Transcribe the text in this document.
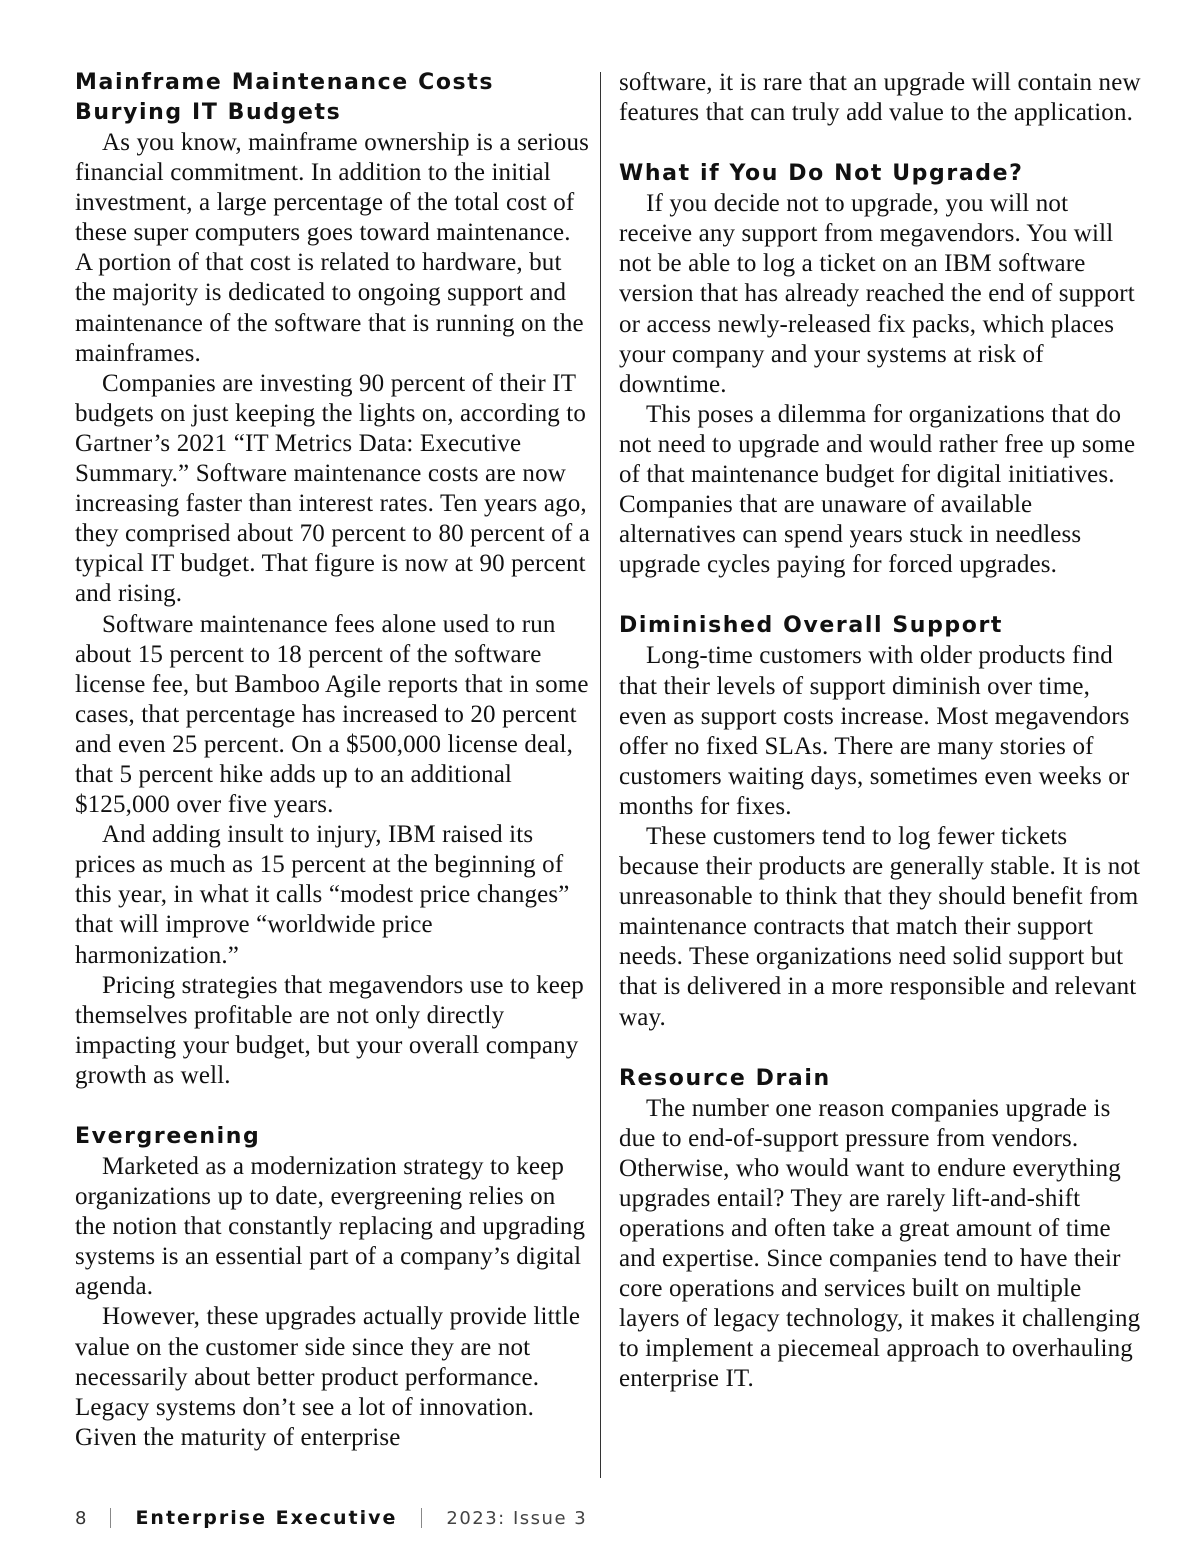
Mainframe Maintenance Costs Burying IT Budgets

As you know, mainframe ownership is a serious financial commitment. In addition to the initial investment, a large percentage of the total cost of these super computers goes toward maintenance. A portion of that cost is related to hardware, but the majority is dedicated to ongoing support and maintenance of the software that is running on the mainframes.

Companies are investing 90 percent of their IT budgets on just keeping the lights on, according to Gartner’s 2021 “IT Metrics Data: Executive Summary.” Software maintenance costs are now increasing faster than interest rates. Ten years ago, they comprised about 70 percent to 80 percent of a typical IT budget. That figure is now at 90 percent and rising.

Software maintenance fees alone used to run about 15 percent to 18 percent of the software license fee, but Bamboo Agile reports that in some cases, that percentage has increased to 20 percent and even 25 percent. On a $500,000 license deal, that 5 percent hike adds up to an additional $125,000 over five years.

And adding insult to injury, IBM raised its prices as much as 15 percent at the beginning of this year, in what it calls “modest price changes” that will improve “worldwide price harmonization.”

Pricing strategies that megavendors use to keep themselves profitable are not only directly impacting your budget, but your overall company growth as well.

Evergreening

Marketed as a modernization strategy to keep organizations up to date, evergreening relies on the notion that constantly replacing and upgrading systems is an essential part of a company’s digital agenda.

However, these upgrades actually provide little value on the customer side since they are not necessarily about better product performance. Legacy systems don’t see a lot of innovation. Given the maturity of enterprise

software, it is rare that an upgrade will contain new features that can truly add value to the application.

What if You Do Not Upgrade?

If you decide not to upgrade, you will not receive any support from megavendors. You will not be able to log a ticket on an IBM software version that has already reached the end of support or access newly-released fix packs, which places your company and your systems at risk of downtime.

This poses a dilemma for organizations that do not need to upgrade and would rather free up some of that maintenance budget for digital initiatives. Companies that are unaware of available alternatives can spend years stuck in needless upgrade cycles paying for forced upgrades.

Diminished Overall Support

Long-time customers with older products find that their levels of support diminish over time, even as support costs increase. Most megavendors offer no fixed SLAs. There are many stories of customers waiting days, sometimes even weeks or months for fixes.

These customers tend to log fewer tickets because their products are generally stable. It is not unreasonable to think that they should benefit from maintenance contracts that match their support needs. These organizations need solid support but that is delivered in a more responsible and relevant way.

Resource Drain

The number one reason companies upgrade is due to end-of-support pressure from vendors. Otherwise, who would want to endure everything upgrades entail? They are rarely lift-and-shift operations and often take a great amount of time and expertise. Since companies tend to have their core operations and services built on multiple layers of legacy technology, it makes it challenging to implement a piecemeal approach to overhauling enterprise IT.

8	Enterprise Executive	2023: Issue 3
